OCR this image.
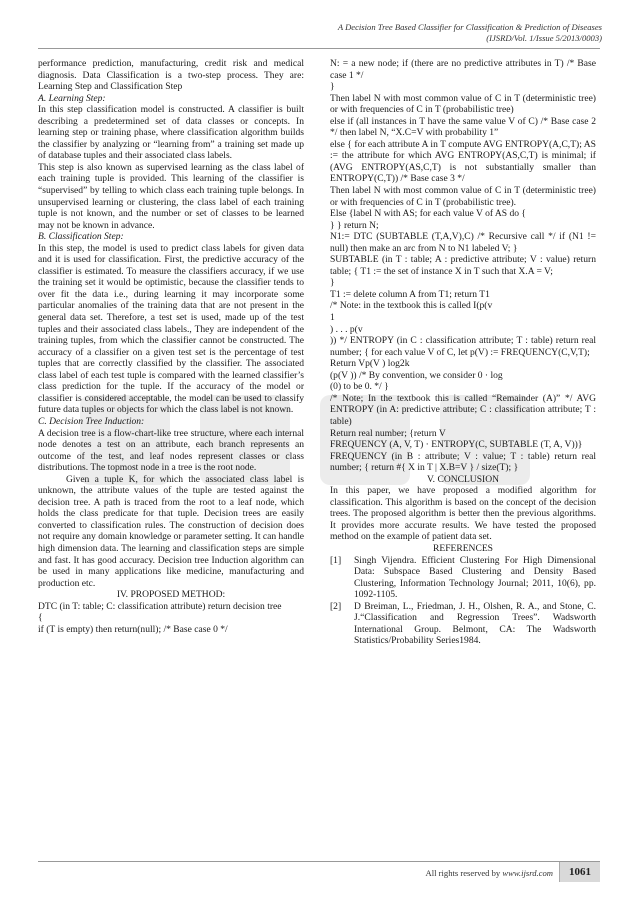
A Decision Tree Based Classifier for Classification & Prediction of Diseases
(IJSRD/Vol. 1/Issue 5/2013/0003)

performance prediction, manufacturing, credit risk and medical diagnosis. Data Classification is a two-step process. They are: Learning Step and Classification Step

A. Learning Step:

In this step classification model is constructed. A classifier is built describing a predetermined set of data classes or concepts. In learning step or training phase, where classification algorithm builds the classifier by analyzing or “learning from” a training set made up of database tuples and their associated class labels.

This step is also known as supervised learning as the class label of each training tuple is provided. This learning of the classifier is “supervised” by telling to which class each training tuple belongs. In unsupervised learning or clustering, the class label of each training tuple is not known, and the number or set of classes to be learned may not be known in advance.

B. Classification Step:

In this step, the model is used to predict class labels for given data and it is used for classification. First, the predictive accuracy of the classifier is estimated. To measure the classifiers accuracy, if we use the training set it would be optimistic, because the classifier tends to over fit the data i.e., during learning it may incorporate some particular anomalies of the training data that are not present in the general data set. Therefore, a test set is used, made up of the test tuples and their associated class labels., They are independent of the training tuples, from which the classifier cannot be constructed. The accuracy of a classifier on a given test set is the percentage of test tuples that are correctly classified by the classifier. The associated class label of each test tuple is compared with the learned classifier’s class prediction for the tuple. If the accuracy of the model or classifier is considered acceptable, the model can be used to classify future data tuples or objects for which the class label is not known.

C. Decision Tree Induction:

A decision tree is a flow-chart-like tree structure, where each internal node denotes a test on an attribute, each branch represents an outcome of the test, and leaf nodes represent classes or class distributions. The topmost node in a tree is the root node.

Given a tuple K, for which the associated class label is unknown, the attribute values of the tuple are tested against the decision tree. A path is traced from the root to a leaf node, which holds the class predicate for that tuple. Decision trees are easily converted to classification rules. The construction of decision does not require any domain knowledge or parameter setting. It can handle high dimension data. The learning and classification steps are simple and fast. It has good accuracy. Decision tree Induction algorithm can be used in many applications like medicine, manufacturing and production etc.

IV. PROPOSED METHOD:

DTC (in T: table; C: classification attribute) return decision tree

{

if (T is empty) then return(null); /* Base case 0 */

N: = a new node; if (there are no predictive attributes in T) /* Base case 1 */

}

Then label N with most common value of C in T (deterministic tree) or with frequencies of C in T (probabilistic tree)

else if (all instances in T have the same value V of C) /* Base case 2 */ then label N, “X.C=V with probability 1”

else { for each attribute A in T compute AVG ENTROPY(A,C,T); AS := the attribute for which AVG ENTROPY(AS,C,T) is minimal; if (AVG ENTROPY(AS,C,T) is not substantially smaller than ENTROPY(C,T)) /* Base case 3 */

Then label N with most common value of C in T (deterministic tree) or with frequencies of C in T (probabilistic tree).

Else {label N with AS; for each value V of AS do {

} } return N;

N1:= DTC (SUBTABLE (T,A,V),C) /* Recursive call */ if (N1 != null) then make an arc from N to N1 labeled V; }

SUBTABLE (in T : table; A : predictive attribute; V : value) return table; { T1 := the set of instance X in T such that X.A = V;

}

T1 := delete column A from T1; return T1

/* Note: in the textbook this is called I(p(v

1

) . . . p(v

)) */ ENTROPY (in C : classification attribute; T : table) return real number; { for each value V of C, let p(V) := FREQUENCY(C,V,T);

Return Vp(V ) log2k

(p(V )) /* By convention, we consider 0 · log

(0) to be 0. */ }

/* Note; In the textbook this is called “Remainder (A)” */ AVG ENTROPY (in A: predictive attribute; C : classification attribute; T : table)

Return real number; {return V

FREQUENCY (A, V, T) · ENTROPY(C, SUBTABLE (T, A, V))}

FREQUENCY (in B : attribute; V : value; T : table) return real number; { return #{ X in T | X.B=V } / size(T); }

V. CONCLUSION

In this paper, we have proposed a modified algorithm for classification. This algorithm is based on the concept of the decision trees. The proposed algorithm is better then the previous algorithms. It provides more accurate results. We have tested the proposed method on the example of patient data set.

REFERENCES

[1]	Singh Vijendra. Efficient Clustering For High Dimensional Data: Subspace Based Clustering and Density Based Clustering, Information Technology Journal; 2011, 10(6), pp. 1092-1105.
[2]	D Breiman, L., Friedman, J. H., Olshen, R. A., and Stone, C. J.“Classification and Regression Trees”. Wadsworth International Group. Belmont, CA: The Wadsworth Statistics/Probability Series1984.
All rights reserved by www.ijsrd.com	1061
